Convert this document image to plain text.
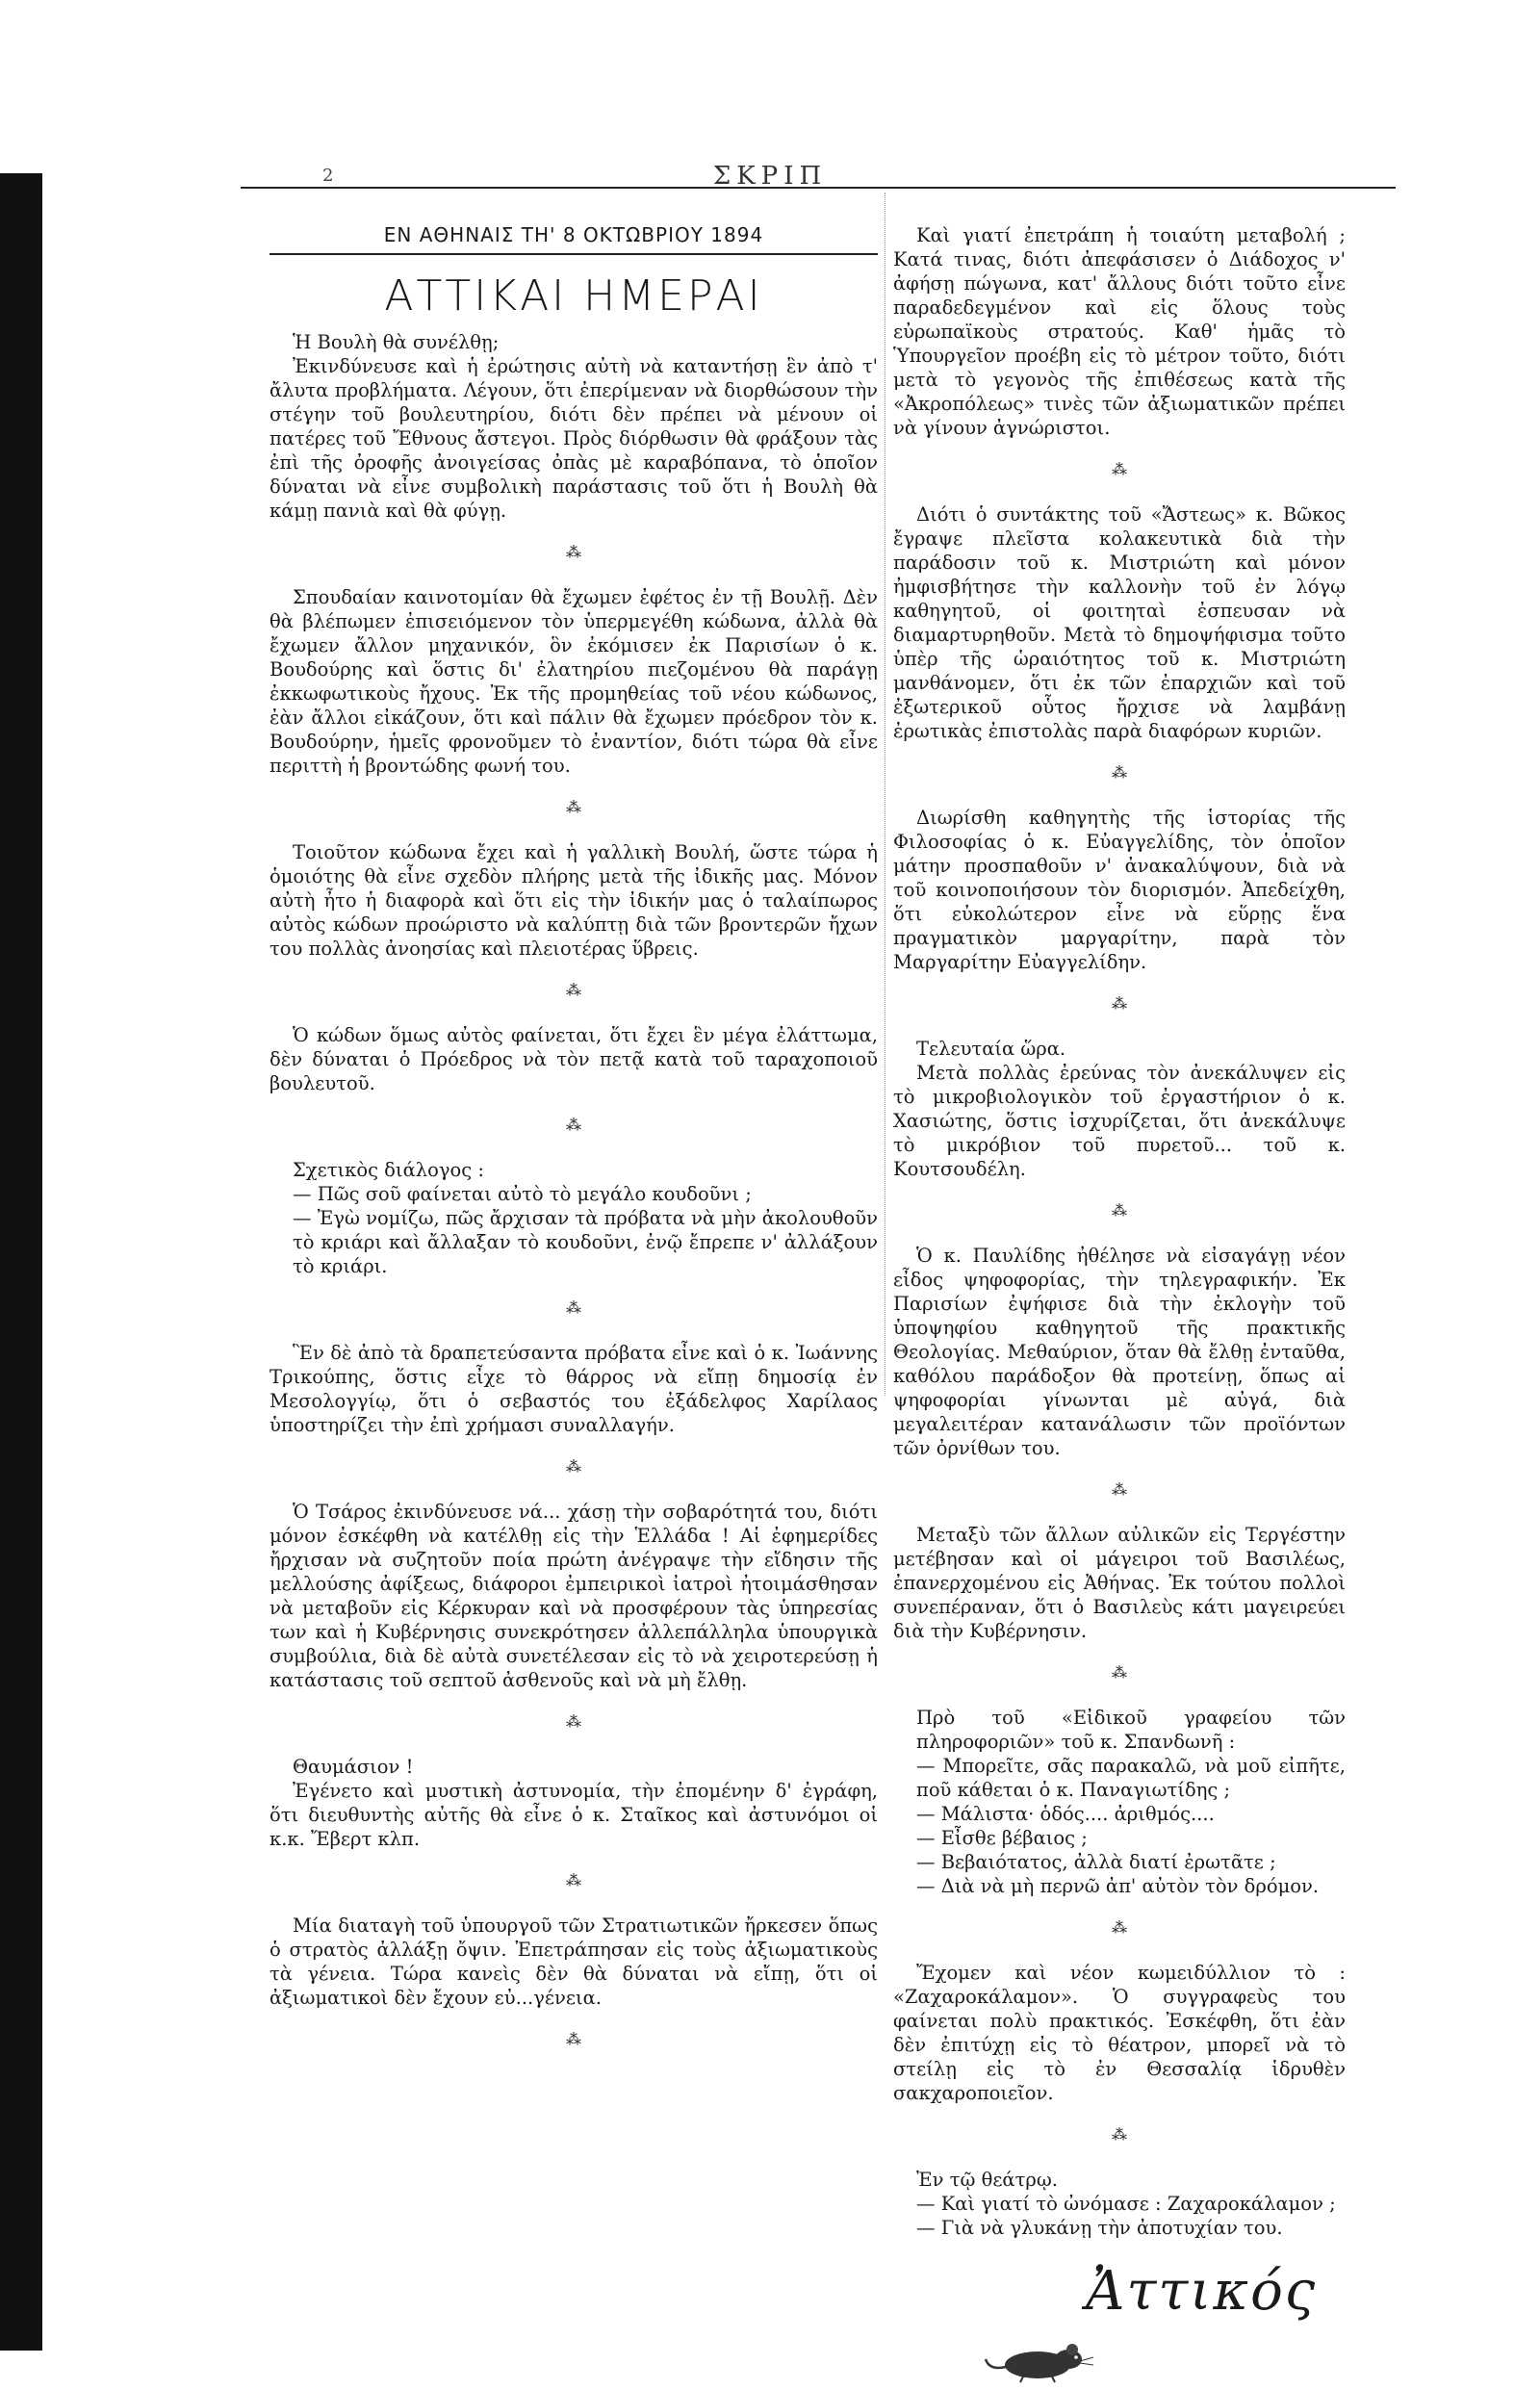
2	ΣΚΡΙΠ
ΕΝ ΑΘΗΝΑΙΣ ΤΗ' 8 ΟΚΤΩΒΡΙΟΥ 1894
ΑΤΤΙΚΑΙ ΗΜΕΡΑΙ

Ἡ Βουλὴ θὰ συνέλθῃ;

Ἐκινδύνευσε καὶ ἡ ἐρώτησις αὐτὴ νὰ καταντήσῃ ἓν ἀπὸ τ' ἄλυτα προβλήματα. Λέγουν, ὅτι ἐπερίμεναν νὰ διορθώσουν τὴν στέγην τοῦ βουλευτηρίου, διότι δὲν πρέπει νὰ μένουν οἱ πατέρες τοῦ Ἔθνους ἄστεγοι. Πρὸς διόρθωσιν θὰ φράξουν τὰς ἐπὶ τῆς ὀροφῆς ἀνοιγείσας ὀπὰς μὲ καραβόπανα, τὸ ὁποῖον δύναται νὰ εἶνε συμβολικὴ παράστασις τοῦ ὅτι ἡ Βουλὴ θὰ κάμῃ πανιὰ καὶ θὰ φύγῃ.

⁂

Σπουδαίαν καινοτομίαν θὰ ἔχωμεν ἐφέτος ἐν τῇ Βουλῇ. Δὲν θὰ βλέπωμεν ἐπισειόμενον τὸν ὑπερμεγέθη κώδωνα, ἀλλὰ θὰ ἔχωμεν ἄλλον μηχανικόν, ὃν ἐκόμισεν ἐκ Παρισίων ὁ κ. Βουδούρης καὶ ὅστις δι' ἐλατηρίου πιεζομένου θὰ παράγῃ ἐκκωφωτικοὺς ἤχους. Ἐκ τῆς προμηθείας τοῦ νέου κώδωνος, ἐὰν ἄλλοι εἰκάζουν, ὅτι καὶ πάλιν θὰ ἔχωμεν πρόεδρον τὸν κ. Βουδούρην, ἡμεῖς φρονοῦμεν τὸ ἐναντίον, διότι τώρα θὰ εἶνε περιττὴ ἡ βροντώδης φωνή του.

⁂

Τοιοῦτον κώδωνα ἔχει καὶ ἡ γαλλικὴ Βουλή, ὥστε τώρα ἡ ὁμοιότης θὰ εἶνε σχεδὸν πλήρης μετὰ τῆς ἰδικῆς μας. Μόνον αὐτὴ ἦτο ἡ διαφορὰ καὶ ὅτι εἰς τὴν ἰδικήν μας ὁ ταλαίπωρος αὐτὸς κώδων προώριστο νὰ καλύπτῃ διὰ τῶν βροντερῶν ἤχων του πολλὰς ἀνοησίας καὶ πλειοτέρας ὕβρεις.

⁂

Ὁ κώδων ὅμως αὐτὸς φαίνεται, ὅτι ἔχει ἓν μέγα ἐλάττωμα, δὲν δύναται ὁ Πρόεδρος νὰ τὸν πετᾷ κατὰ τοῦ ταραχοποιοῦ βουλευτοῦ.

⁂

Σχετικὸς διάλογος :

— Πῶς σοῦ φαίνεται αὐτὸ τὸ μεγάλο κουδοῦνι ;

— Ἐγὼ νομίζω, πῶς ἄρχισαν τὰ πρόβατα νὰ μὴν ἀκολουθοῦν τὸ κριάρι καὶ ἄλλαξαν τὸ κουδοῦνι, ἐνῷ ἔπρεπε ν' ἀλλάξουν τὸ κριάρι.

⁂

Ἓν δὲ ἀπὸ τὰ δραπετεύσαντα πρόβατα εἶνε καὶ ὁ κ. Ἰωάννης Τρικούπης, ὅστις εἶχε τὸ θάρρος νὰ εἴπῃ δημοσίᾳ ἐν Μεσολογγίῳ, ὅτι ὁ σεβαστός του ἐξάδελφος Χαρίλαος ὑποστηρίζει τὴν ἐπὶ χρήμασι συναλλαγήν.

⁂

Ὁ Τσάρος ἐκινδύνευσε νά... χάσῃ τὴν σοβαρότητά του, διότι μόνον ἐσκέφθη νὰ κατέλθῃ εἰς τὴν Ἑλλάδα ! Αἱ ἐφημερίδες ἤρχισαν νὰ συζητοῦν ποία πρώτη ἀνέγραψε τὴν εἴδησιν τῆς μελλούσης ἀφίξεως, διάφοροι ἐμπειρικοὶ ἰατροὶ ἠτοιμάσθησαν νὰ μεταβοῦν εἰς Κέρκυραν καὶ νὰ προσφέρουν τὰς ὑπηρεσίας των καὶ ἡ Κυβέρνησις συνεκρότησεν ἀλλεπάλληλα ὑπουργικὰ συμβούλια, διὰ δὲ αὐτὰ συνετέλεσαν εἰς τὸ νὰ χειροτερεύσῃ ἡ κατάστασις τοῦ σεπτοῦ ἀσθενοῦς καὶ νὰ μὴ ἔλθῃ.

⁂

Θαυμάσιον !

Ἐγένετο καὶ μυστικὴ ἀστυνομία, τὴν ἐπομένην δ' ἐγράφη, ὅτι διευθυντὴς αὐτῆς θὰ εἶνε ὁ κ. Σταῖκος καὶ ἀστυνόμοι οἱ κ.κ. Ἔβερτ κλπ.

⁂

Μία διαταγὴ τοῦ ὑπουργοῦ τῶν Στρατιωτικῶν ἤρκεσεν ὅπως ὁ στρατὸς ἀλλάξῃ ὄψιν. Ἐπετράπησαν εἰς τοὺς ἀξιωματικοὺς τὰ γένεια. Τώρα κανεὶς δὲν θὰ δύναται νὰ εἴπῃ, ὅτι οἱ ἀξιωματικοὶ δὲν ἔχουν εὐ...γένεια.

⁂

Καὶ γιατί ἐπετράπη ἡ τοιαύτη μεταβολή ; Κατά τινας, διότι ἀπεφάσισεν ὁ Διάδοχος ν' ἀφήσῃ πώγωνα, κατ' ἄλλους διότι τοῦτο εἶνε παραδεδεγμένον καὶ εἰς ὅλους τοὺς εὐρωπαϊκοὺς στρατούς. Καθ' ἡμᾶς τὸ Ὑπουργεῖον προέβη εἰς τὸ μέτρον τοῦτο, διότι μετὰ τὸ γεγονὸς τῆς ἐπιθέσεως κατὰ τῆς «Ἀκροπόλεως» τινὲς τῶν ἀξιωματικῶν πρέπει νὰ γίνουν ἀγνώριστοι.

⁂

Διότι ὁ συντάκτης τοῦ «Ἄστεως» κ. Βῶκος ἔγραψε πλεῖστα κολακευτικὰ διὰ τὴν παράδοσιν τοῦ κ. Μιστριώτη καὶ μόνον ἠμφισβήτησε τὴν καλλονὴν τοῦ ἐν λόγῳ καθηγητοῦ, οἱ φοιτηταὶ ἐσπευσαν νὰ διαμαρτυρηθοῦν. Μετὰ τὸ δημοψήφισμα τοῦτο ὑπὲρ τῆς ὡραιότητος τοῦ κ. Μιστριώτη μανθάνομεν, ὅτι ἐκ τῶν ἐπαρχιῶν καὶ τοῦ ἐξωτερικοῦ οὗτος ἤρχισε νὰ λαμβάνῃ ἐρωτικὰς ἐπιστολὰς παρὰ διαφόρων κυριῶν.

⁂

Διωρίσθη καθηγητὴς τῆς ἱστορίας τῆς Φιλοσοφίας ὁ κ. Εὐαγγελίδης, τὸν ὁποῖον μάτην προσπαθοῦν ν' ἀνακαλύψουν, διὰ νὰ τοῦ κοινοποιήσουν τὸν διορισμόν. Ἀπεδείχθη, ὅτι εὐκολώτερον εἶνε νὰ εὕρῃς ἕνα πραγματικὸν μαργαρίτην, παρὰ τὸν Μαργαρίτην Εὐαγγελίδην.

⁂

Τελευταία ὥρα.

Μετὰ πολλὰς ἐρεύνας τὸν ἀνεκάλυψεν εἰς τὸ μικροβιολογικὸν τοῦ ἐργαστήριον ὁ κ. Χασιώτης, ὅστις ἰσχυρίζεται, ὅτι ἀνεκάλυψε τὸ μικρόβιον τοῦ πυρετοῦ... τοῦ κ. Κουτσουδέλη.

⁂

Ὁ κ. Παυλίδης ἠθέλησε νὰ εἰσαγάγῃ νέον εἶδος ψηφοφορίας, τὴν τηλεγραφικήν. Ἐκ Παρισίων ἐψήφισε διὰ τὴν ἐκλογὴν τοῦ ὑποψηφίου καθηγητοῦ τῆς πρακτικῆς Θεολογίας. Μεθαύριον, ὅταν θὰ ἔλθῃ ἐνταῦθα, καθόλου παράδοξον θὰ προτείνῃ, ὅπως αἱ ψηφοφορίαι γίνωνται μὲ αὐγά, διὰ μεγαλειτέραν κατανάλωσιν τῶν προϊόντων τῶν ὀρνίθων του.

⁂

Μεταξὺ τῶν ἄλλων αὐλικῶν εἰς Τεργέστην μετέβησαν καὶ οἱ μάγειροι τοῦ Βασιλέως, ἐπανερχομένου εἰς Ἀθήνας. Ἐκ τούτου πολλοὶ συνεπέραναν, ὅτι ὁ Βασιλεὺς κάτι μαγειρεύει διὰ τὴν Κυβέρνησιν.

⁂

Πρὸ τοῦ «Εἰδικοῦ γραφείου τῶν πληροφοριῶν» τοῦ κ. Σπανδωνῆ :

— Μπορεῖτε, σᾶς παρακαλῶ, νὰ μοῦ εἰπῆτε, ποῦ κάθεται ὁ κ. Παναγιωτίδης ;

— Μάλιστα· ὁδός.... ἀριθμός....

— Εἶσθε βέβαιος ;

— Βεβαιότατος, ἀλλὰ διατί ἐρωτᾶτε ;

— Διὰ νὰ μὴ περνῶ ἀπ' αὐτὸν τὸν δρόμον.

⁂

Ἔχομεν καὶ νέον κωμειδύλλιον τὸ : «Ζαχαροκάλαμον». Ὁ συγγραφεὺς του φαίνεται πολὺ πρακτικός. Ἐσκέφθη, ὅτι ἐὰν δὲν ἐπιτύχῃ εἰς τὸ θέατρον, μπορεῖ νὰ τὸ στείλῃ εἰς τὸ ἐν Θεσσαλίᾳ ἱδρυθὲν σακχαροποιεῖον.

⁂

Ἐν τῷ θεάτρῳ.

— Καὶ γιατί τὸ ὠνόμασε : Ζαχαροκάλαμον ;

— Γιὰ νὰ γλυκάνῃ τὴν ἀποτυχίαν του.

Ἀττικός
